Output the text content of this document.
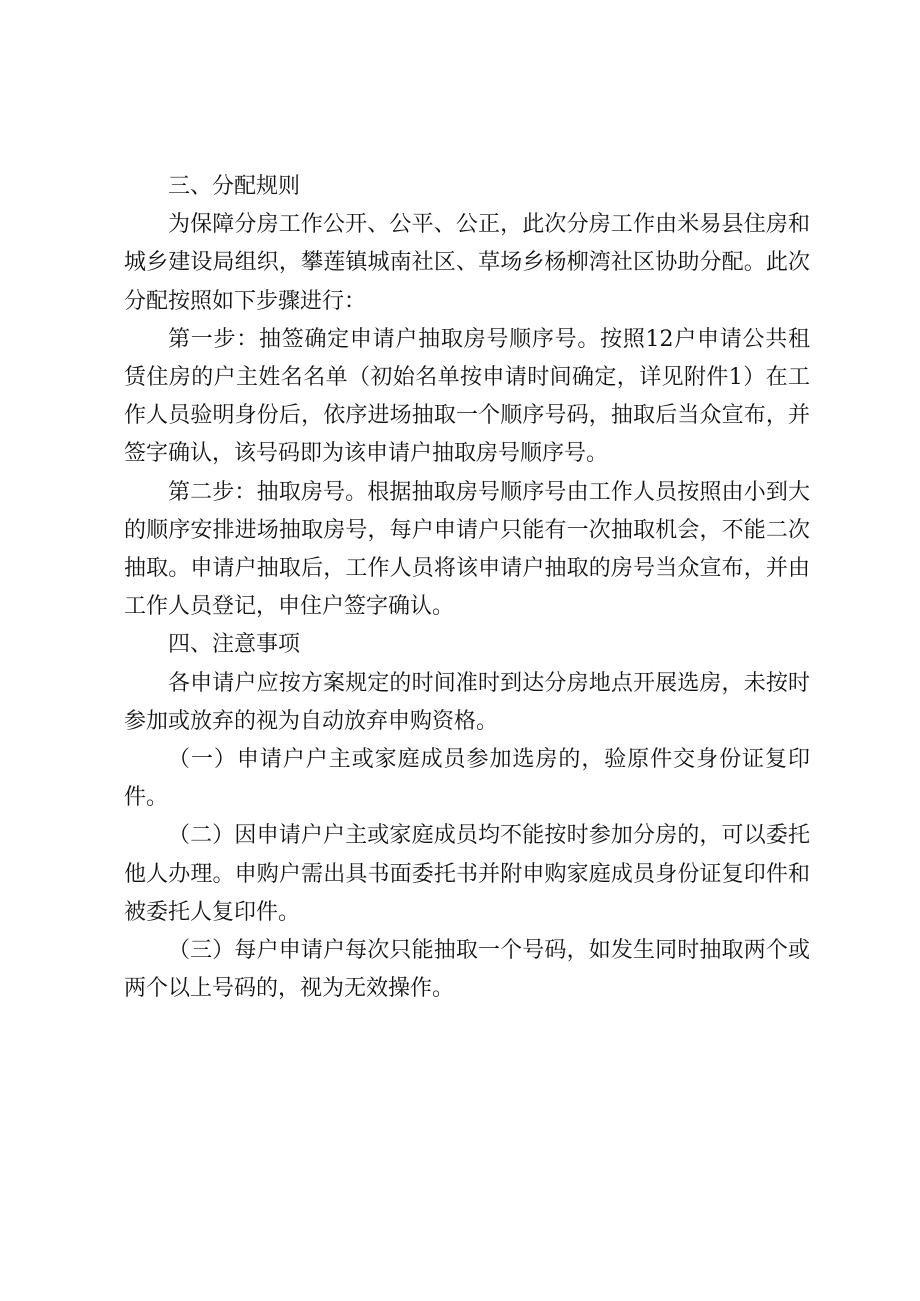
三、分配规则

为保障分房工作公开、公平、公正，此次分房工作由米易县住房和城乡建设局组织，攀莲镇城南社区、草场乡杨柳湾社区协助分配。此次分配按照如下步骤进行：

第一步：抽签确定申请户抽取房号顺序号。按照12户申请公共租赁住房的户主姓名名单（初始名单按申请时间确定，详见附件1）在工作人员验明身份后，依序进场抽取一个顺序号码，抽取后当众宣布，并签字确认，该号码即为该申请户抽取房号顺序号。

第二步：抽取房号。根据抽取房号顺序号由工作人员按照由小到大的顺序安排进场抽取房号，每户申请户只能有一次抽取机会，不能二次抽取。申请户抽取后，工作人员将该申请户抽取的房号当众宣布，并由工作人员登记，申住户签字确认。

四、注意事项

各申请户应按方案规定的时间准时到达分房地点开展选房，未按时参加或放弃的视为自动放弃申购资格。

（一）申请户户主或家庭成员参加选房的，验原件交身份证复印件。

（二）因申请户户主或家庭成员均不能按时参加分房的，可以委托他人办理。申购户需出具书面委托书并附申购家庭成员身份证复印件和被委托人复印件。

（三）每户申请户每次只能抽取一个号码，如发生同时抽取两个或两个以上号码的，视为无效操作。
